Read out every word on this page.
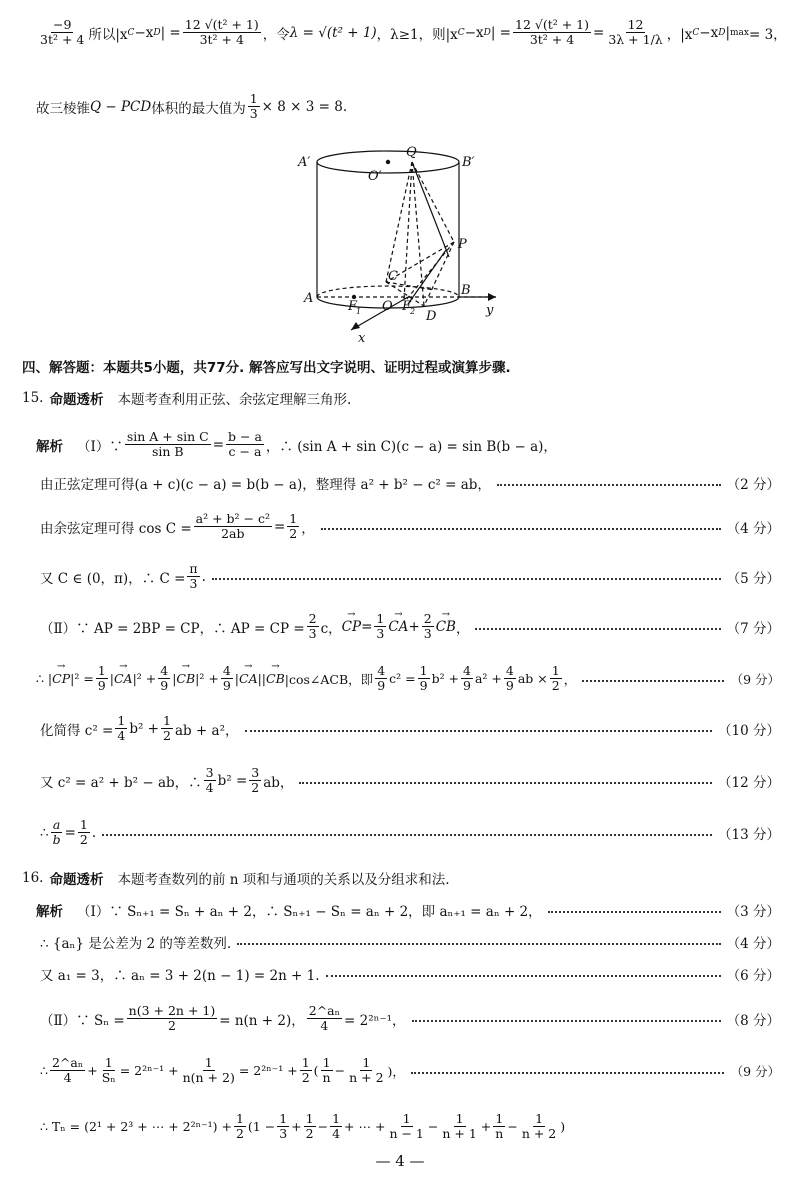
−9
3t² + 4 所以|x C −x D | = $\frac{\text{12 √(t² + 1)}}{\text{3t² + 4}}$ ，令 λ = √(t² + 1) ，λ≥1，则|x C −x D | = $\frac{\text{12 √(t² + 1)}}{\text{3t² + 4}} = \frac{12}{3\lambda + 1/\lambda}$ ，|x C −x D | max = 3，
故三棱锥 Q − PCD 体积的最大值为 $\frac{1}{3} \times 8 \times 3 = 8$.
A′
O′
Q
B′
P
C
A
B
y
F O F
2
1	D
x
四、解答题：本题共5小题，共77分. 解答应写出文字说明、证明过程或演算步骤.
15. 命题透析 本题考查利用正弦、余弦定理解三角形.
解析 （Ⅰ）∵ $\frac{\text{sin A + sin C}}{\text{sin B}} = \frac{b - a}{c - a}$ ，∴ (sin A + sin C)(c − a) = sin B(b − a)，
由正弦定理可得(a + c)(c − a) = b(b − a)，整理得 a² + b² − c² = ab，	（2 分）
由余弦定理可得 $\cos C = \frac{\text{a² + b² − c²}}{2ab} = \frac{1}{2}$ ，	（4 分）
又 C ∈ (0，π)，∴ $C = \frac{\pi}{3}$ .	（5 分）
（Ⅱ）∵ AP = 2BP = CP，∴ AP = CP = $\frac{2}{3}$ c， → CP = $\frac{1}{3}$ → CA + $\frac{2}{3}$ → CB ，	（7 分）
∴ | → CP $|^2 = \frac{1}{9}$ | → CA $|^2 + \frac{4}{9}$ | → CB $|^2 + \frac{4}{9}$ | → CA || → CB |cos∠ACB，即
4
9 $c^2 = \frac{1}{9} b^2 + \frac{4}{9} a^2 + \frac{4}{9}$ ab × $\frac{1}{2}$ ，	（9 分）
化简得 $c^2 = \frac{1}{4} b^2 + \frac{1}{2}$ ab + a²，	（10 分）
又 c² = a² + b² − ab，∴
3
4 $b^2 = \frac{3}{2}$ ab，	（12 分）
∴ $\frac{a}{b} = \frac{1}{2}$ .	（13 分）
16. 命题透析 本题考查数列的前 n 项和与通项的关系以及分组求和法.
解析 （Ⅰ）∵ Sₙ₊₁ = Sₙ + aₙ + 2，∴ Sₙ₊₁ − Sₙ = aₙ + 2，即 aₙ₊₁ = aₙ + 2，	（3 分）
∴ {aₙ} 是公差为 2 的等差数列.	（4 分）
又 a₁ = 3，∴ aₙ = 3 + 2(n − 1) = 2n + 1.	（6 分）
（Ⅱ）∵ $S_n = \frac{n(3 + 2n + 1)}{2} = n(n + 2)$， $\frac{\text{2\textasciicircum{}aₙ}}{4} = 2^{2n-1}$，	（8 分）
∴
2^aₙ
$4 + \frac{1}{\text{Sₙ}} = 2^{2n-1} + \frac{1}{n(n + 2)} = 2^{2n-1} + \frac{1}{2}$ (
1
$n - \frac{1}{n + 2}$ )，	（9 分）
∴ Tₙ = (2¹ + 2³ + ⋯ + $2^{2n-1}) + \frac{1}{2} (1 - \frac{1}{3} + \frac{1}{2} - \frac{1}{4}$ + ⋯ + $\frac{1}{n - 1} - \frac{1}{n + 1} + \frac{1}{n} - \frac{1}{n + 2}$ )
— 4 —
